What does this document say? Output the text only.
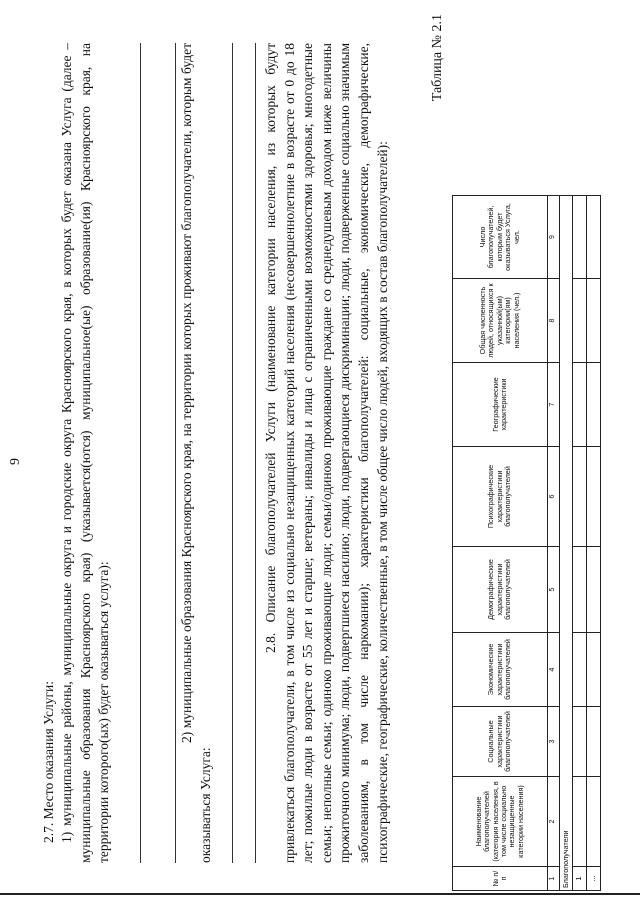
9

2.7. Место оказания Услуги: 1) муниципальные районы, муниципальные округа и городские округа Красноярского края, в которых будет оказана Услуга (далее – муниципальные образования Красноярского края) (указывается(ются) муниципальное(ые) образование(ия) Красноярского края, на территории которого(ых) будет оказываться услуга):	2) муниципальные образования Красноярского края, на территории которых проживают благополучатели, которым будет оказываться Услуга:

2.8. Описание благополучателей Услуги (наименование категории населения, из которых будут привлекаться благополучатели, в том числе из социально незащищенных категорий населения (несовершеннолетние в возрасте от 0 до 18 лет; пожилые люди в возрасте от 55 лет и старше; ветераны; инвалиды и лица с ограниченными возможностями здоровья; многодетные семьи; неполные семьи; одиноко проживающие люди; семьи/одиноко проживающие граждане со среднедушевым доходом ниже величины прожиточного минимума; люди, подвергшиеся насилию; люди, подвергающиеся дискриминации; люди, подверженные социально значимым заболеваниям, в том числе наркомании); характеристики благополучателей: социальные, экономические, демографические, психографические, географические, количественные, в том числе общее число людей, входящих в состав благополучателей):

Таблица № 2.1
№ п/п	Наименование благополучателей (категория населения, в том числе социально незащищенные категории населения)	Социальные характеристики благополучателей	Экономические характеристики благополучателей	Демографические характеристики благополучателей	Психографические характеристики благополучателей	Географические характеристики	Общая численность людей, относящихся к указанной(ым) категории(ям) населения (чел.)	Число благополучателей, которым будет оказываться Услуга, чел.
1	2	3	4	5	6	7	8	9
Благополучатели								
1								
...								
